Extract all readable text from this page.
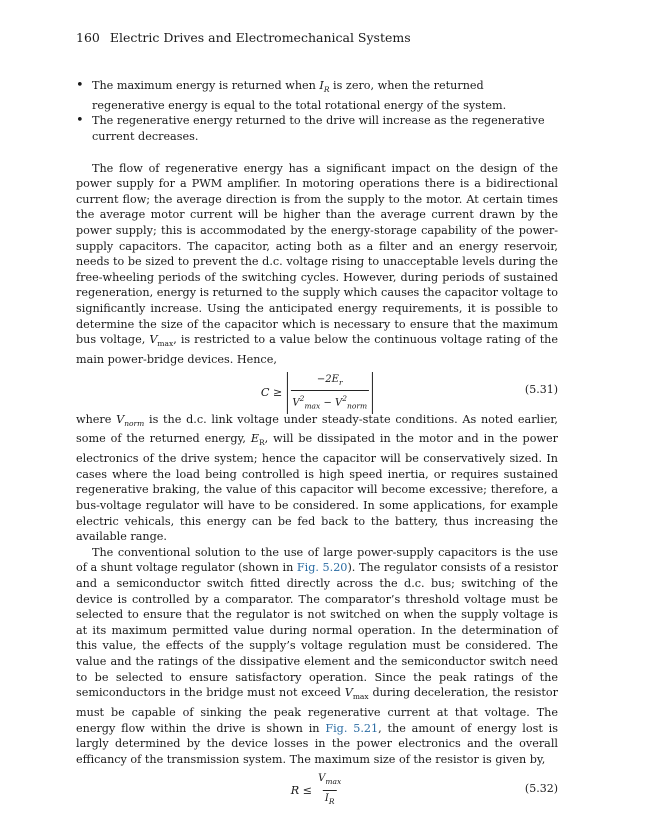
160 Electric Drives and Electromechanical Systems
• The maximum energy is returned when $I_R$ is zero, when the returned regenerative energy is equal to the total rotational energy of the system.
• The regenerative energy returned to the drive will increase as the regenerative current decreases.

The flow of regenerative energy has a significant impact on the design of the power supply for a PWM amplifier. In motoring operations there is a bidirectional current flow; the average direction is from the supply to the motor. At certain times the average motor current will be higher than the average current drawn by the power supply; this is accommodated by the energy-storage capability of the power-supply capacitors. The capacitor, acting both as a filter and an energy reservoir, needs to be sized to prevent the d.c. voltage rising to unacceptable levels during the free-wheeling periods of the switching cycles. However, during periods of sustained regeneration, energy is returned to the supply which causes the capacitor voltage to significantly increase. Using the anticipated energy requirements, it is possible to determine the size of the capacitor which is necessary to ensure that the maximum bus voltage, $V_{max}$, is restricted to a value below the continuous voltage rating of the main power-bridge devices. Hence,

$C \ge \frac{-2E_r}{V^2_{max} - V^2_{norm}}$	(5.31)

where $V_{norm}$ is the d.c. link voltage under steady-state conditions. As noted earlier, some of the returned energy, $E_R$, will be dissipated in the motor and in the power electronics of the drive system; hence the capacitor will be conservatively sized. In cases where the load being controlled is high speed inertia, or requires sustained regenerative braking, the value of this capacitor will become excessive; therefore, a bus-voltage regulator will have to be considered. In some applications, for example electric vehicals, this energy can be fed back to the battery, thus increasing the available range.

The conventional solution to the use of large power-supply capacitors is the use of a shunt voltage regulator (shown in Fig. 5.20). The regulator consists of a resistor and a semiconductor switch fitted directly across the d.c. bus; switching of the device is controlled by a comparator. The comparator’s threshold voltage must be selected to ensure that the regulator is not switched on when the supply voltage is at its maximum permitted value during normal operation. In the determination of this value, the effects of the supply’s voltage regulation must be considered. The value and the ratings of the dissipative element and the semiconductor switch need to be selected to ensure satisfactory operation. Since the peak ratings of the semiconductors in the bridge must not exceed $V_{max}$ during deceleration, the resistor must be capable of sinking the peak regenerative current at that voltage. The energy flow within the drive is shown in Fig. 5.21, the amount of energy lost is largly determined by the device losses in the power electronics and the overall efficancy of the transmission system. The maximum size of the resistor is given by,

$R \le \frac{V_{max}}{I_R}$	(5.32)
